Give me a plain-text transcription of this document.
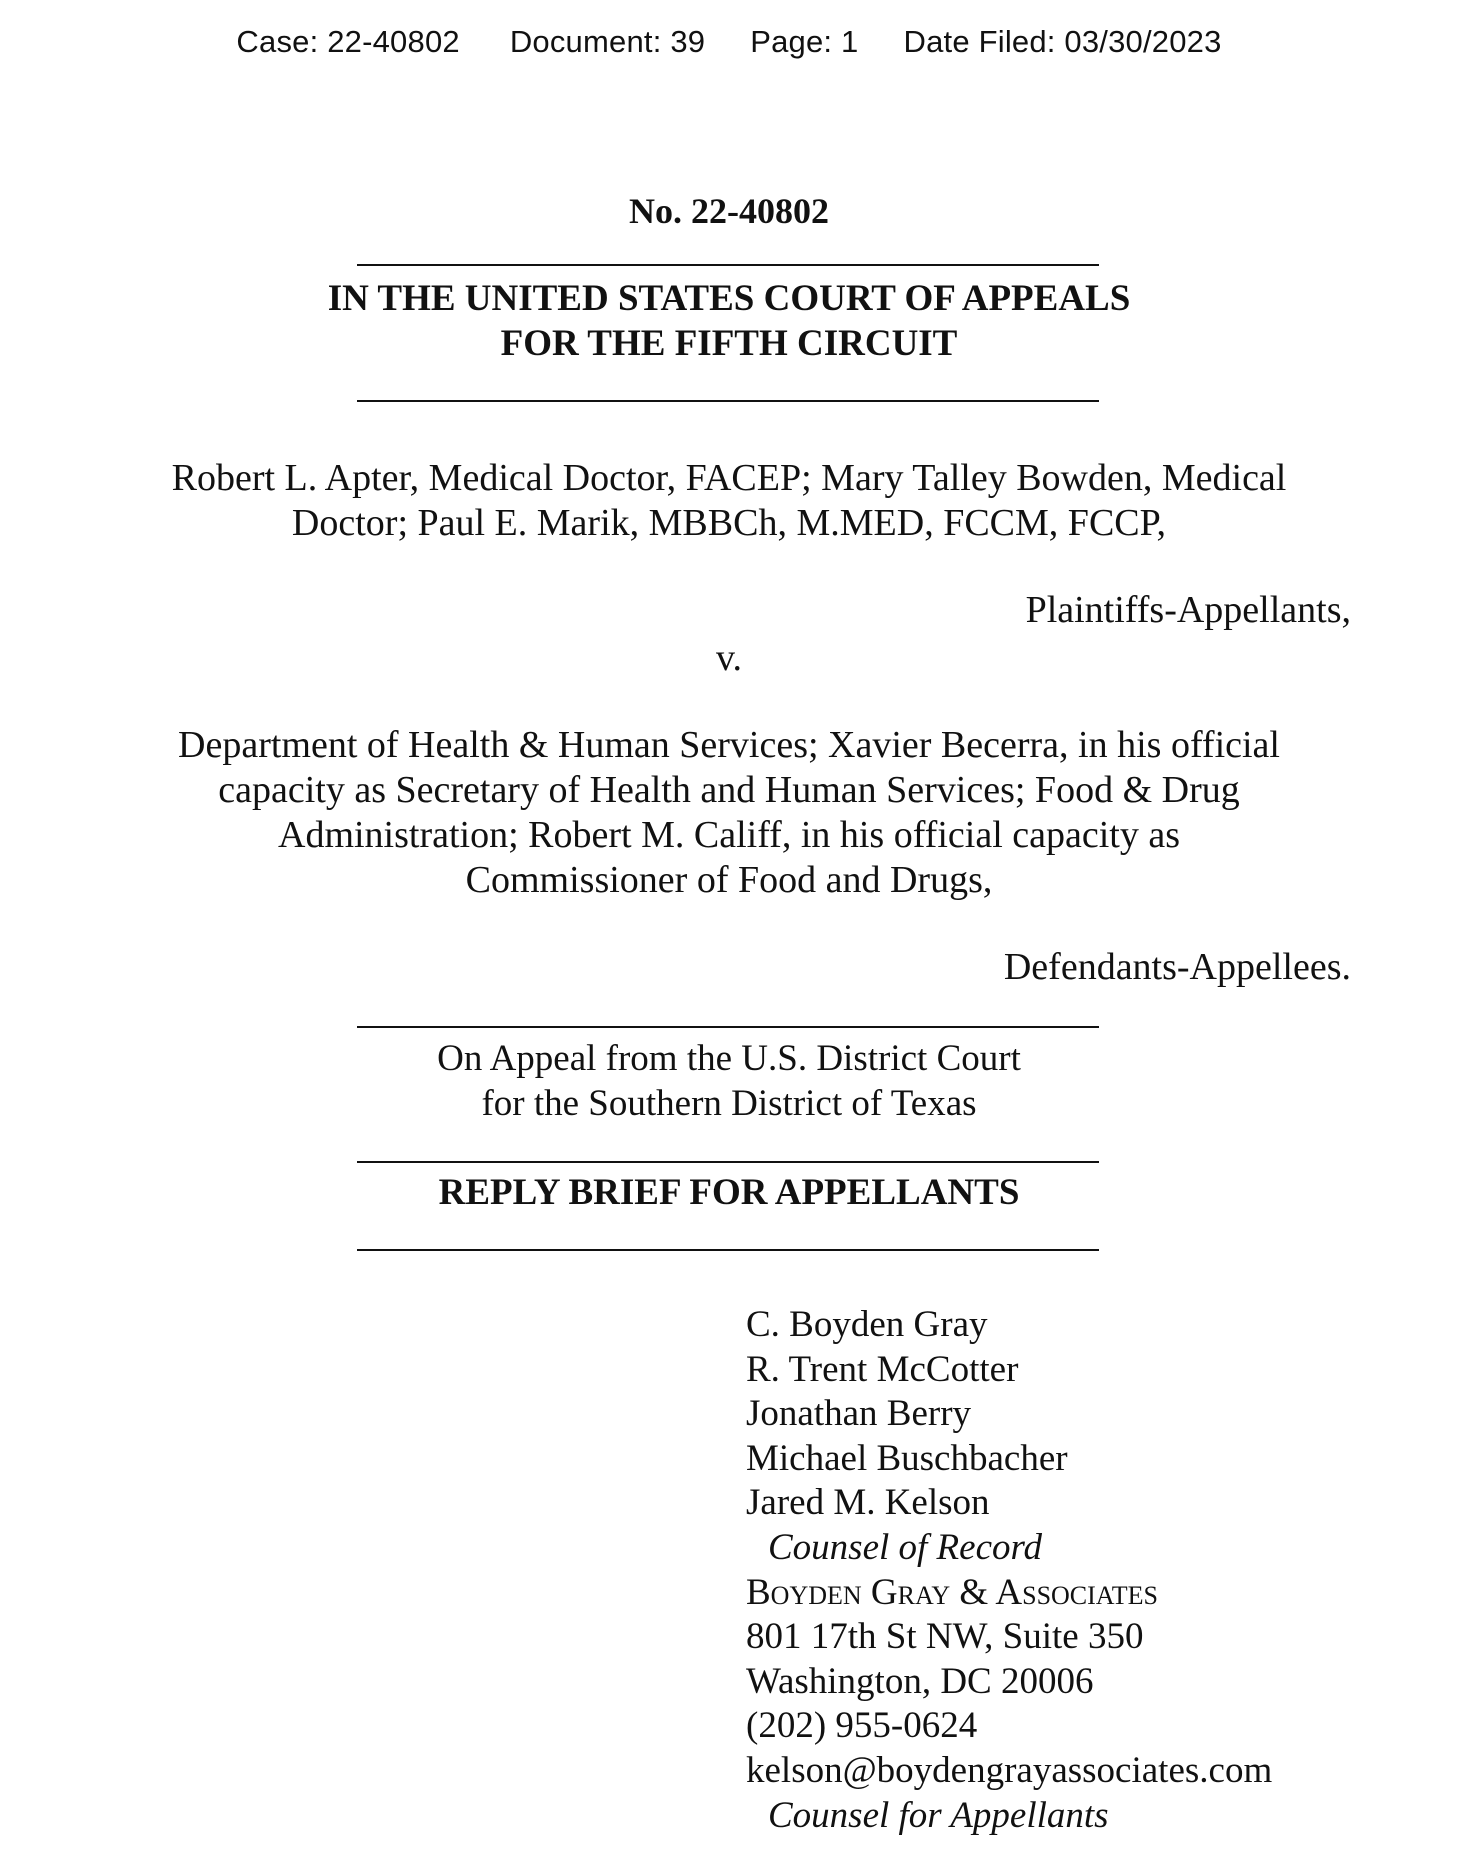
Case: 22-40802 Document: 39 Page: 1 Date Filed: 03/30/2023
No. 22-40802
IN THE UNITED STATES COURT OF APPEALS
FOR THE FIFTH CIRCUIT
Robert L. Apter, Medical Doctor, FACEP; Mary Talley Bowden, Medical
Doctor; Paul E. Marik, MBBCh, M.MED, FCCM, FCCP,
Plaintiffs-Appellants,
v.
Department of Health & Human Services; Xavier Becerra, in his official
capacity as Secretary of Health and Human Services; Food & Drug
Administration; Robert M. Califf, in his official capacity as
Commissioner of Food and Drugs,
Defendants-Appellees.
On Appeal from the U.S. District Court
for the Southern District of Texas
REPLY BRIEF FOR APPELLANTS
C. Boyden Gray
R. Trent McCotter
Jonathan Berry
Michael Buschbacher
Jared M. Kelson
Counsel of Record
Boyden Gray & Associates
801 17th St NW, Suite 350
Washington, DC 20006
(202) 955-0624
kelson@boydengrayassociates.com
Counsel for Appellants
